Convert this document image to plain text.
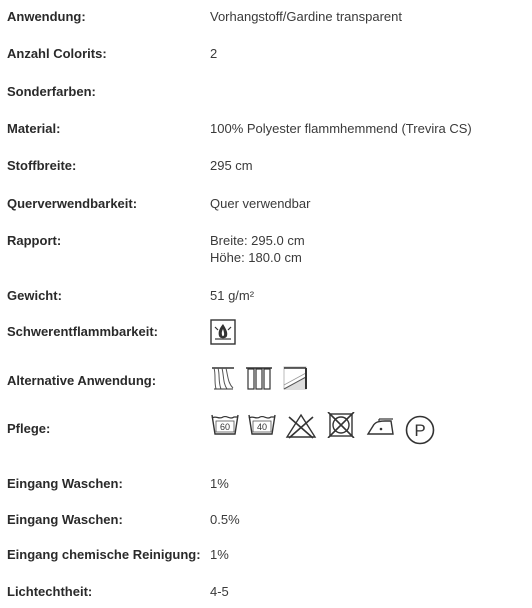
Anwendung:	Vorhangstoff/Gardine transparent
Anzahl Colorits:	2
Sonderfarben:
Material:	100% Polyester flammhemmend (Trevira CS)
Stoffbreite:	295 cm
Querverwendbarkeit:	Quer verwendbar
Rapport:	Breite: 295.0 cm
Höhe: 180.0 cm
Gewicht:	51 g/m²
Schwerentflammbarkeit:
Alternative Anwendung:
Pflege:	60	40	P
Eingang Waschen:	1%
Eingang Waschen:	0.5%
Eingang chemische Reinigung: 1%
Lichtechtheit:	4-5
